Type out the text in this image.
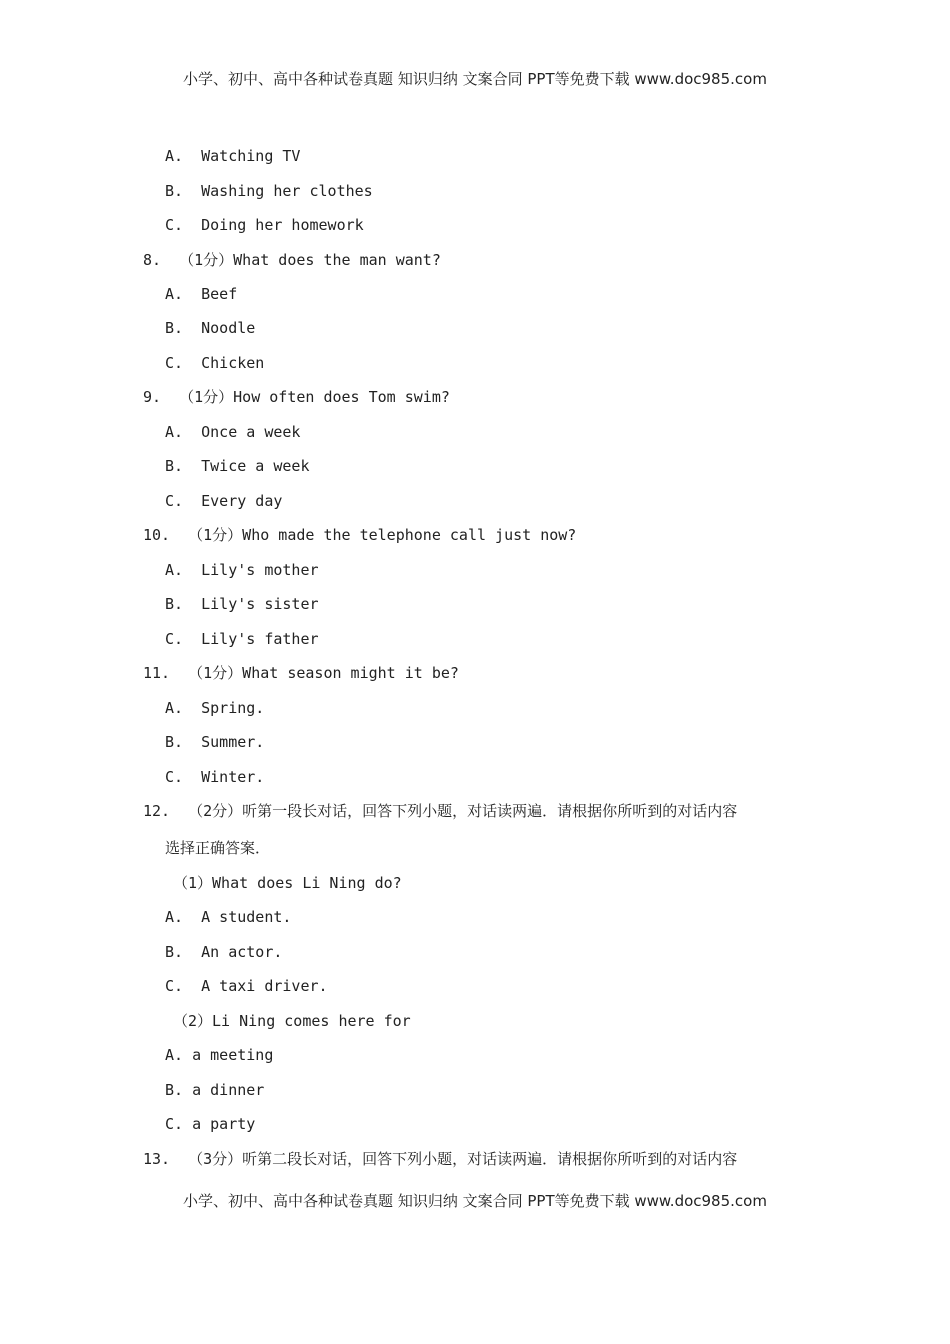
小学、初中、高中各种试卷真题 知识归纳 文案合同 PPT等免费下载 www.doc985.com
A.  Watching TV
B.  Washing her clothes
C.  Doing her homework
8.  （1分）What does the man want?
A.  Beef
B.  Noodle
C.  Chicken
9.  （1分）How often does Tom swim?
A.  Once a week
B.  Twice a week
C.  Every day
10.  （1分）Who made the telephone call just now?
A.  Lily's mother
B.  Lily's sister
C.  Lily's father
11.  （1分）What season might it be?
A.  Spring.
B.  Summer.
C.  Winter.
12.  （2分）听第一段长对话，回答下列小题，对话读两遍．请根据你所听到的对话内容
选择正确答案．
（1）What does Li Ning do?
A.  A student.
B.  An actor.
C.  A taxi driver.
（2）Li Ning comes here for
A. a meeting
B. a dinner
C. a party
13.  （3分）听第二段长对话，回答下列小题，对话读两遍．请根据你所听到的对话内容
小学、初中、高中各种试卷真题 知识归纳 文案合同 PPT等免费下载 www.doc985.com
